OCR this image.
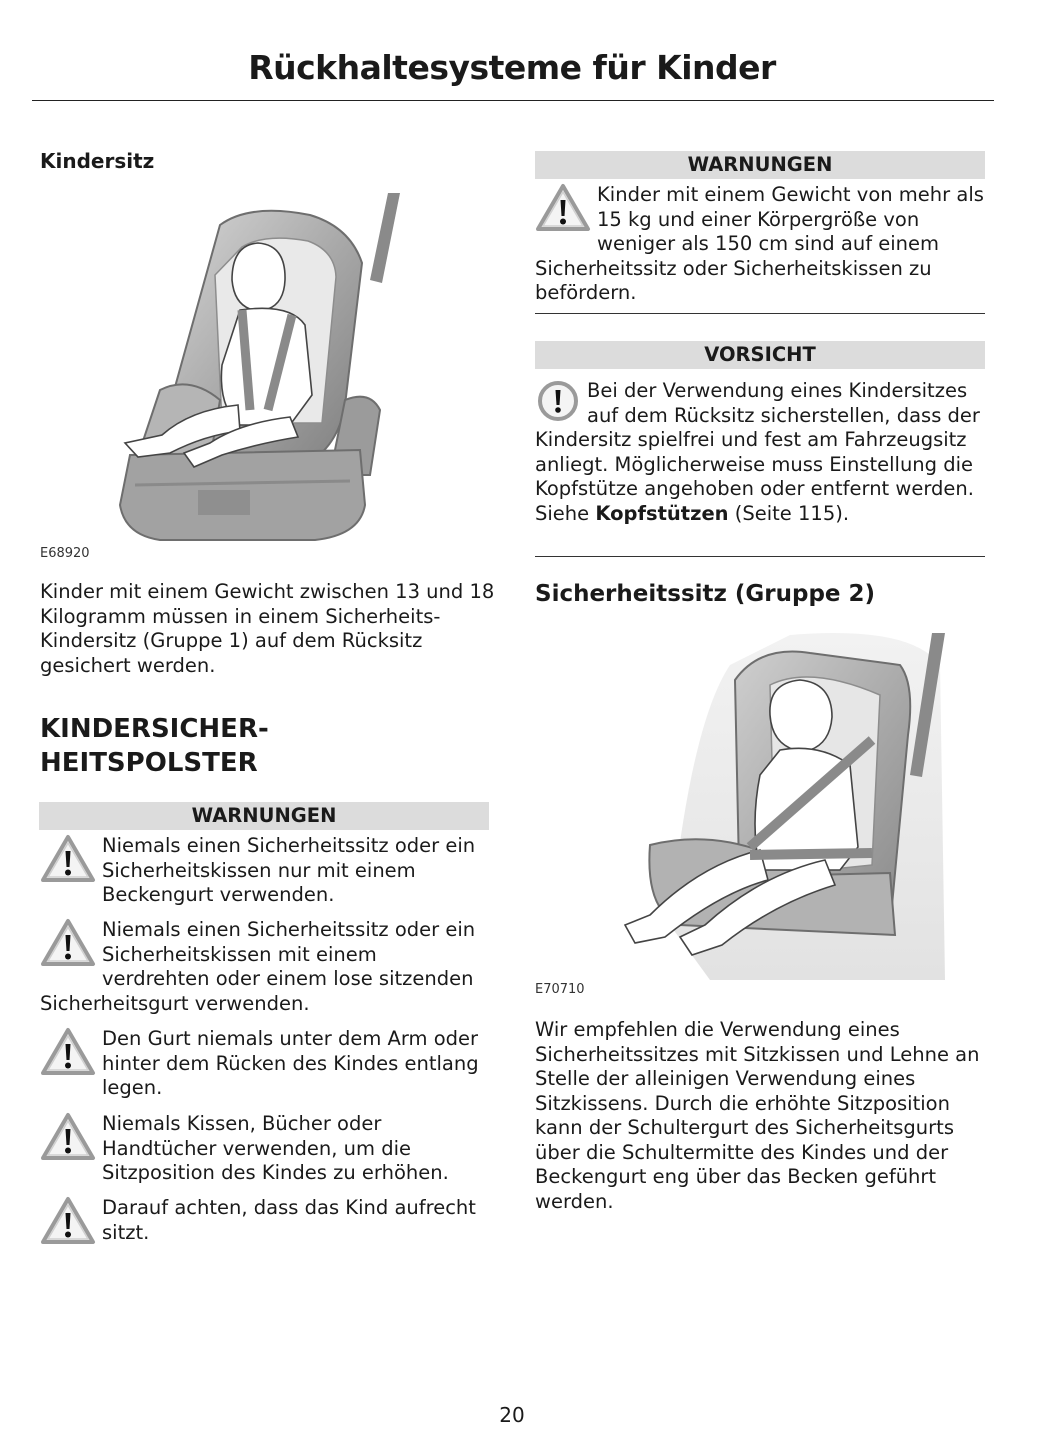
Rückhaltesysteme für Kinder
Kindersitz
E68920
Kinder mit einem Gewicht zwischen 13 und 18 Kilogramm müssen in einem Sicherheits-Kindersitz (Gruppe 1) auf dem Rücksitz gesichert werden.
KINDERSICHER-
HEITSPOLSTER
WARNUNGEN
Niemals einen Sicherheitssitz oder ein Sicherheitskissen nur mit einem Beckengurt verwenden.
Niemals einen Sicherheitssitz oder ein Sicherheitskissen mit einem verdrehten oder einem lose sitzenden Sicherheitsgurt verwenden.
Den Gurt niemals unter dem Arm oder hinter dem Rücken des Kindes entlang legen.
Niemals Kissen, Bücher oder Handtücher verwenden, um die Sitzposition des Kindes zu erhöhen.
Darauf achten, dass das Kind aufrecht sitzt.
WARNUNGEN
Kinder mit einem Gewicht von mehr als 15 kg und einer Körpergröße von weniger als 150 cm sind auf einem Sicherheitssitz oder Sicherheitskissen zu befördern.
VORSICHT
Bei der Verwendung eines Kindersitzes auf dem Rücksitz sicherstellen, dass der Kindersitz spielfrei und fest am Fahrzeugsitz anliegt. Möglicherweise muss Einstellung die Kopfstütze angehoben oder entfernt werden. Siehe Kopfstützen (Seite 115).
Sicherheitssitz (Gruppe 2)
E70710
Wir empfehlen die Verwendung eines Sicherheitssitzes mit Sitzkissen und Lehne an Stelle der alleinigen Verwendung eines Sitzkissens. Durch die erhöhte Sitzposition kann der Schultergurt des Sicherheitsgurts über die Schultermitte des Kindes und der Beckengurt eng über das Becken geführt werden.
20
